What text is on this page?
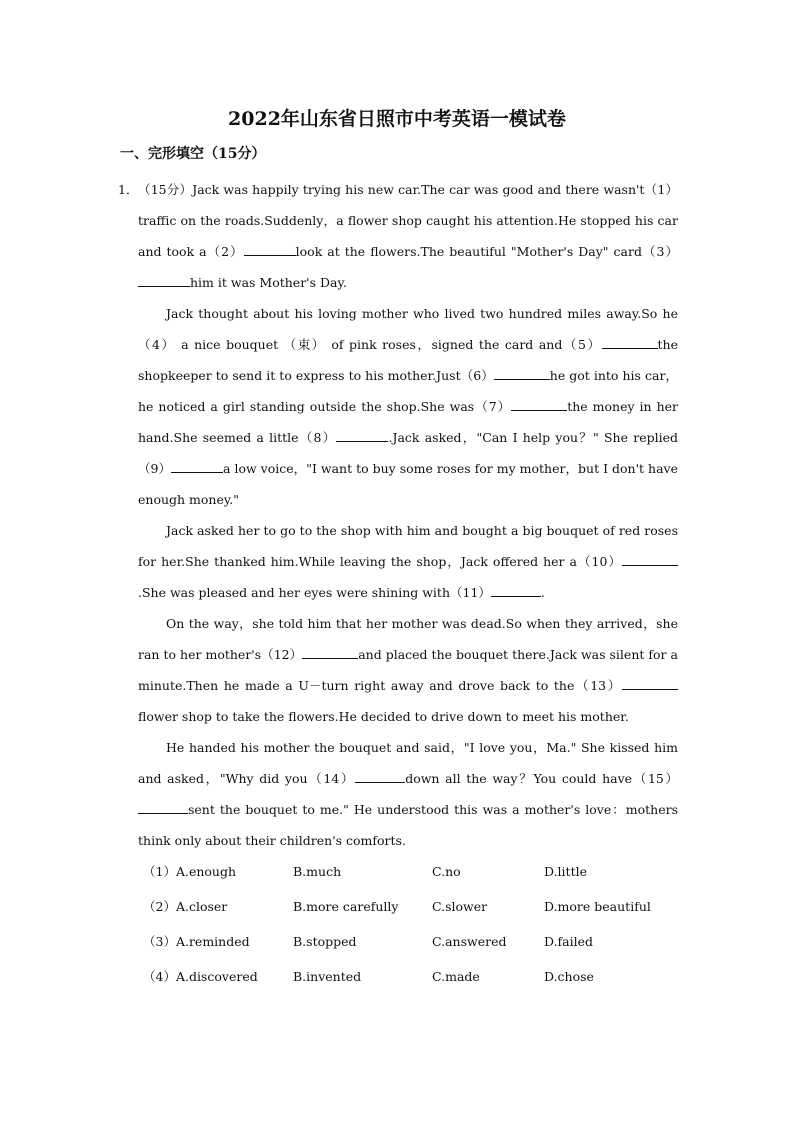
2022年山东省日照市中考英语一模试卷
一、完形填空（15分）
1． （15分）Jack was happily trying his new car.The car was good and there wasn't（1）traffic on the roads.Suddenly，a flower shop caught his attention.He stopped his car and took a（2）	look at the flowers.The beautiful "Mother's Day" card（3）him it was Mother's Day.

Jack thought about his loving mother who lived two hundred miles away.So he（4） a nice bouquet （束） of pink roses，signed the card and（5）	the shopkeeper to send it to express to his mother.Just（6）	he got into his car，he noticed a girl standing outside the shop.She was（7）	the money in her hand.She seemed a little（8）	.Jack asked，"Can I help you？" She replied（9）	a low voice，"I want to buy some roses for my mother，but I don't have enough money."

Jack asked her to go to the shop with him and bought a big bouquet of red roses for her.She thanked him.While leaving the shop，Jack offered her a（10）.She was pleased and her eyes were shining with（11）	.

On the way，she told him that her mother was dead.So when they arrived，she ran to her mother's（12）	and placed the bouquet there.Jack was silent for a minute.Then he made a U－turn right away and drove back to the（13）flower shop to take the flowers.He decided to drive down to meet his mother.

He handed his mother the bouquet and said，"I love you，Ma." She kissed him and asked，"Why did you（14）	down all the way？You could have（15）sent the bouquet to me." He understood this was a mother's love：mothers think only about their children's comforts.

（1）A.enough	B.much	C.no	D.little
（2）A.closer	B.more carefully	C.slower	D.more beautiful
（3）A.reminded	B.stopped	C.answered	D.failed
（4）A.discovered	B.invented	C.made	D.chose
